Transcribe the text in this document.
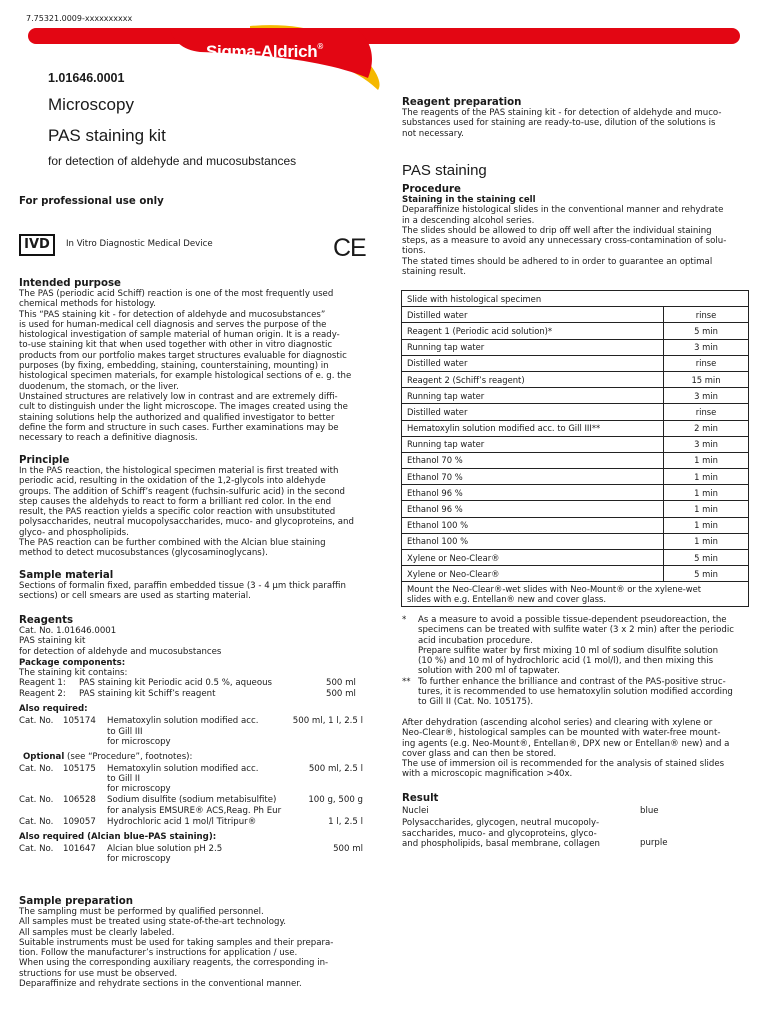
7.75321.0009-xxxxxxxxxx
Sigma-Aldrich®
1.01646.0001
Microscopy
PAS staining kit
for detection of aldehyde and mucosubstances
For professional use only
IVD	In Vitro Diagnostic Medical Device	CE
Intended purpose
The PAS (periodic acid Schiff) reaction is one of the most frequently used
chemical methods for histology.
This “PAS staining kit - for detection of aldehyde and mucosubstances”
is used for human-medical cell diagnosis and serves the purpose of the
histological investigation of sample material of human origin. It is a ready-
to-use staining kit that when used together with other in vitro diagnostic
products from our portfolio makes target structures evaluable for diagnostic
purposes (by fixing, embedding, staining, counterstaining, mounting) in
histological specimen materials, for example histological sections of e. g. the
duodenum, the stomach, or the liver.
Unstained structures are relatively low in contrast and are extremely diffi-
cult to distinguish under the light microscope. The images created using the
staining solutions help the authorized and qualified investigator to better
define the form and structure in such cases. Further examinations may be
necessary to reach a definitive diagnosis.
Principle
In the PAS reaction, the histological specimen material is first treated with
periodic acid, resulting in the oxidation of the 1,2-glycols into aldehyde
groups. The addition of Schiff’s reagent (fuchsin-sulfuric acid) in the second
step causes the aldehyds to react to form a brilliant red color. In the end
result, the PAS reaction yields a specific color reaction with unsubstituted
polysaccharides, neutral mucopolysaccharides, muco- and glycoproteins, and
glyco- and phospholipids.
The PAS reaction can be further combined with the Alcian blue staining
method to detect mucosubstances (glycosaminoglycans).
Sample material
Sections of formalin fixed, paraffin embedded tissue (3 - 4 µm thick paraffin
sections) or cell smears are used as starting material.
Reagents
Cat. No. 1.01646.0001
PAS staining kit
for detection of aldehyde and mucosubstances
Package components:
The staining kit contains:
Reagent 1:	PAS staining kit Periodic acid 0.5 %, aqueous	500 ml
Reagent 2:	PAS staining kit Schiff’s reagent	500 ml
Also required:
Cat. No.	105174	Hematoxylin solution modified acc.
to Gill III
for microscopy
500 ml, 1 l, 2.5 l
Optional (see “Procedure”, footnotes):
Cat. No.	105175	Hematoxylin solution modified acc.
to Gill II
for microscopy
500 ml, 2.5 l
Cat. No.	106528	Sodium disulfite (sodium metabisulfite)
for analysis EMSURE® ACS,Reag. Ph Eur
100 g, 500 g
Cat. No.	109057	Hydrochloric acid 1 mol/l Titripur®	1 l, 2.5 l
Also required (Alcian blue-PAS staining):
Cat. No.	101647	Alcian blue solution pH 2.5
for microscopy
500 ml
Sample preparation
The sampling must be performed by qualified personnel.
All samples must be treated using state-of-the-art technology.
All samples must be clearly labeled.
Suitable instruments must be used for taking samples and their prepara-
tion. Follow the manufacturer’s instructions for application / use.
When using the corresponding auxiliary reagents, the corresponding in-
structions for use must be observed.
Deparaffinize and rehydrate sections in the conventional manner.
Reagent preparation
The reagents of the PAS staining kit - for detection of aldehyde and muco-
substances used for staining are ready-to-use, dilution of the solutions is
not necessary.
PAS staining
Procedure
Staining in the staining cell
Deparaffinize histological slides in the conventional manner and rehydrate
in a descending alcohol series.
The slides should be allowed to drip off well after the individual staining
steps, as a measure to avoid any unnecessary cross-contamination of solu-
tions.
The stated times should be adhered to in order to guarantee an optimal
staining result.
Slide with histological specimen	
Distilled water	rinse
Reagent 1 (Periodic acid solution)*	5 min
Running tap water	3 min
Distilled water	rinse
Reagent 2 (Schiff’s reagent)	15 min
Running tap water	3 min
Distilled water	rinse
Hematoxylin solution modified acc. to Gill III**	2 min
Running tap water	3 min
Ethanol 70 %	1 min
Ethanol 70 %	1 min
Ethanol 96 %	1 min
Ethanol 96 %	1 min
Ethanol 100 %	1 min
Ethanol 100 %	1 min
Xylene or Neo-Clear®	5 min
Xylene or Neo-Clear®	5 min

Mount the Neo-Clear®-wet slides with Neo-Mount® or the xylene-wet
slides with e.g. Entellan® new and cover glass.	
*	As a measure to avoid a possible tissue-dependent pseudoreaction, the
specimens can be treated with sulfite water (3 x 2 min) after the periodic
acid incubation procedure.
Prepare sulfite water by first mixing 10 ml of sodium disulfite solution
(10 %) and 10 ml of hydrochloric acid (1 mol/l), and then mixing this
solution with 200 ml of tapwater.
** To further enhance the brilliance and contrast of the PAS-positive struc-
tures, it is recommended to use hematoxylin solution modified according
to Gill II (Cat. No. 105175).
After dehydration (ascending alcohol series) and clearing with xylene or
Neo-Clear®, histological samples can be mounted with water-free mount-
ing agents (e.g. Neo-Mount®, Entellan®, DPX new or Entellan® new) and a
cover glass and can then be stored.
The use of immersion oil is recommended for the analysis of stained slides
with a microscopic magnification >40x.
Result
Nuclei	blue
Polysaccharides, glycogen, neutral mucopoly-
saccharides, muco- and glycoproteins, glyco-
and phospholipids, basal membrane, collagen	purple
